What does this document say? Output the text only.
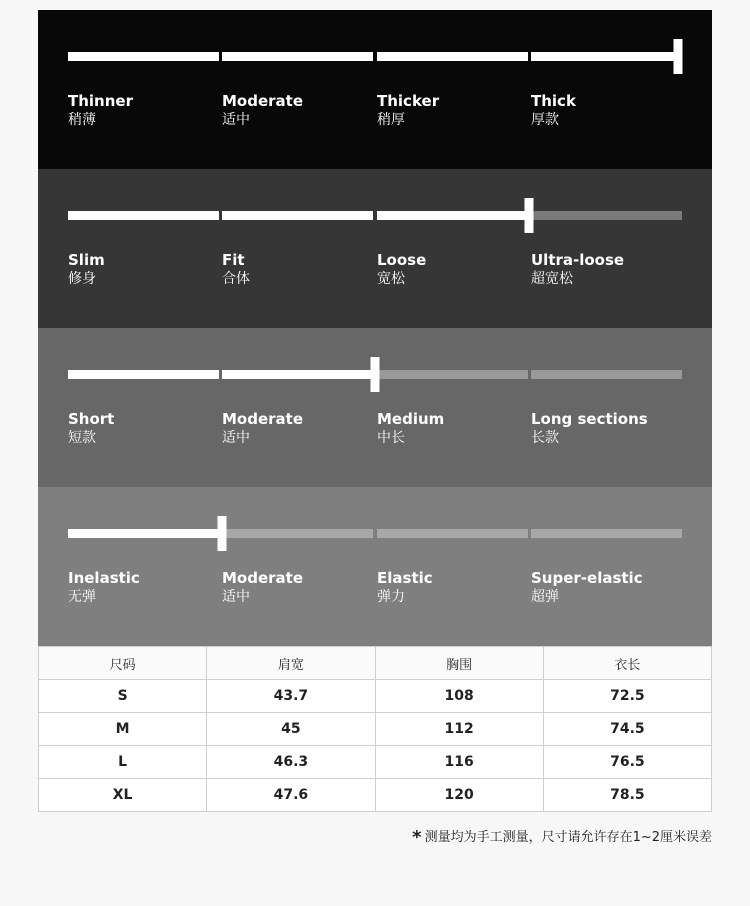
Thinner
稍薄
Moderate
适中
Thicker
稍厚
Thick
厚款
Slim
修身
Fit
合体
Loose
宽松
Ultra-loose
超宽松
Short
短款
Moderate
适中
Medium
中长
Long sections
长款
Inelastic
无弹
Moderate
适中
Elastic
弹力
Super-elastic
超弹
尺码	肩宽	胸围	衣长
S	43.7	108	72.5
M	45	112	74.5
L	46.3	116	76.5
XL	47.6	120	78.5
* 测量均为手工测量，尺寸请允许存在1~2厘米误差
